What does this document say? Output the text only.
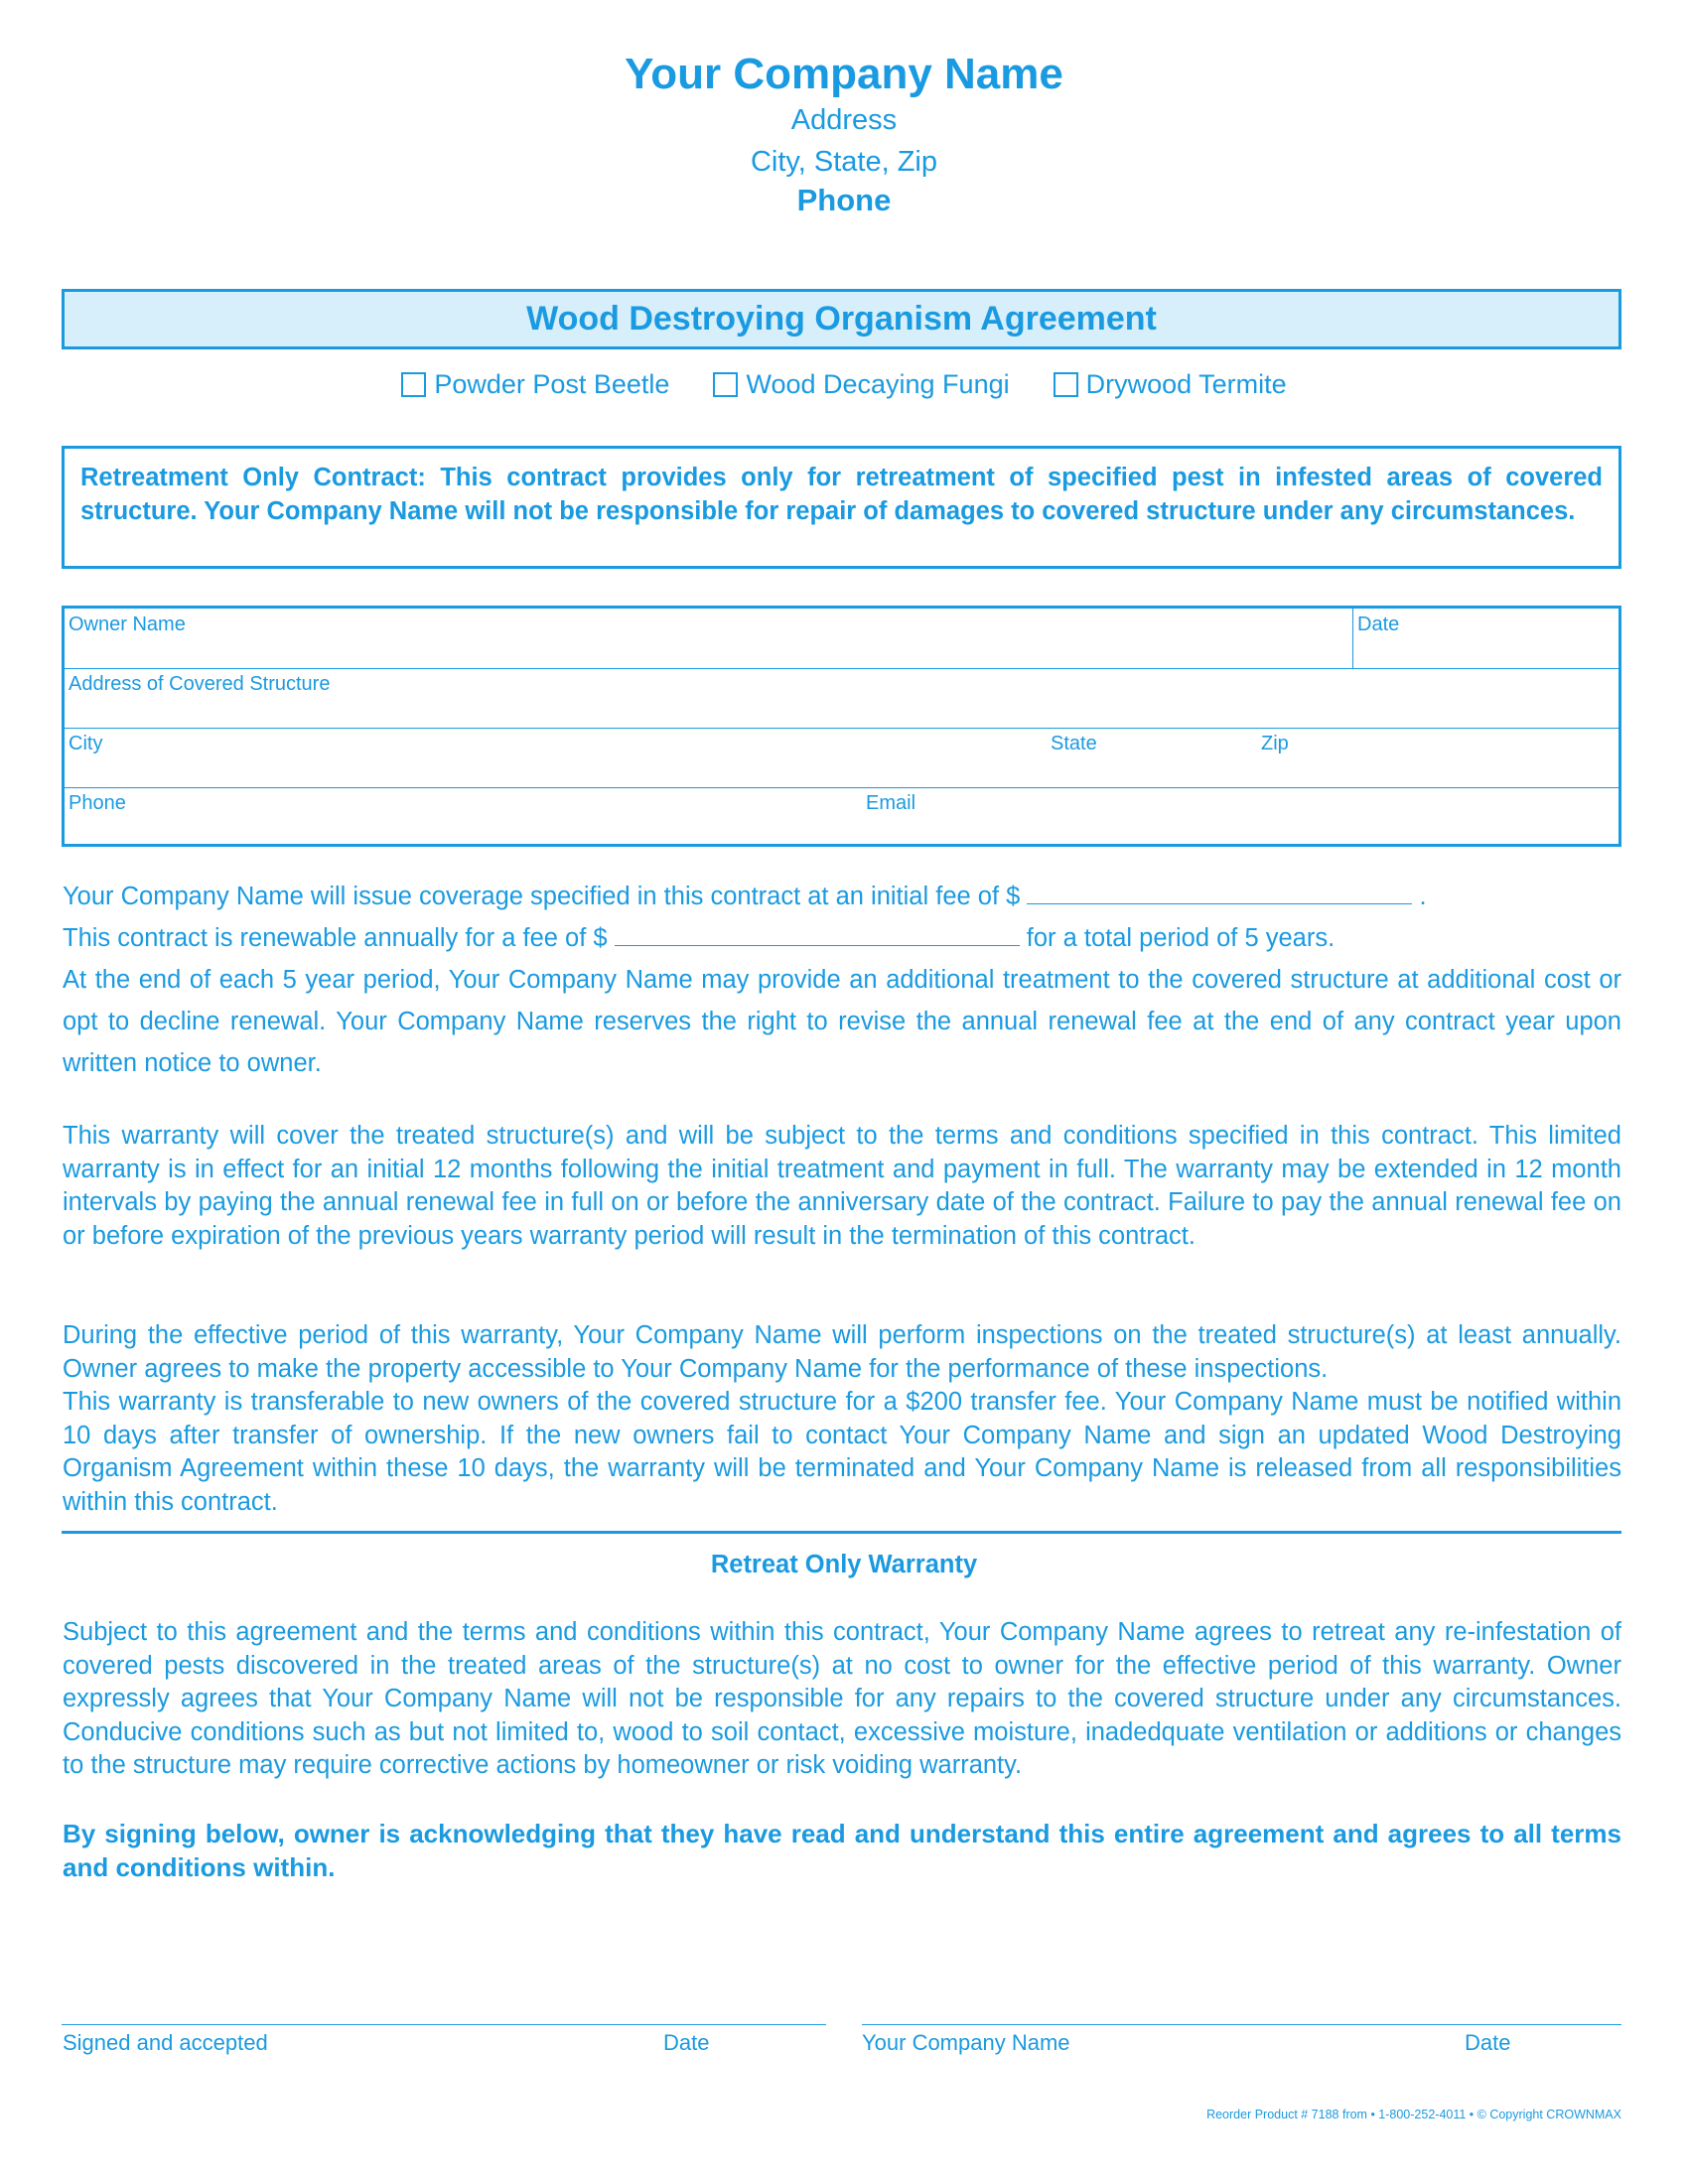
Your Company Name
Address
City, State, Zip
Phone
Wood Destroying Organism Agreement
Powder Post Beetle	Wood Decaying Fungi	Drywood Termite
Retreatment Only Contract: This contract provides only for retreatment of specified pest in infested areas of covered structure. Your Company Name will not be responsible for repair of damages to covered structure under any circumstances.
Owner Name	Date
Address of Covered Structure
City	State	Zip
Phone	Email
Your Company Name will issue coverage specified in this contract at an initial fee of $	.
This contract is renewable annually for a fee of $	for a total period of 5 years.
At the end of each 5 year period, Your Company Name may provide an additional treatment to the covered structure at additional cost or opt to decline renewal. Your Company Name reserves the right to revise the annual renewal fee at the end of any contract year upon written notice to owner.
This warranty will cover the treated structure(s) and will be subject to the terms and conditions specified in this contract. This limited warranty is in effect for an initial 12 months following the initial treatment and payment in full. The warranty may be extended in 12 month intervals by paying the annual renewal fee in full on or before the anniversary date of the contract. Failure to pay the annual renewal fee on or before expiration of the previous years warranty period will result in the termination of this contract.
During the effective period of this warranty, Your Company Name will perform inspections on the treated structure(s) at least annually. Owner agrees to make the property accessible to Your Company Name for the performance of these inspections.
This warranty is transferable to new owners of the covered structure for a $200 transfer fee. Your Company Name must be notified within 10 days after transfer of ownership. If the new owners fail to contact Your Company Name and sign an updated Wood Destroying Organism Agreement within these 10 days, the warranty will be terminated and Your Company Name is released from all responsibilities within this contract.
Retreat Only Warranty
Subject to this agreement and the terms and conditions within this contract, Your Company Name agrees to retreat any re-infestation of covered pests discovered in the treated areas of the structure(s) at no cost to owner for the effective period of this warranty. Owner expressly agrees that Your Company Name will not be responsible for any repairs to the covered structure under any circumstances. Conducive conditions such as but not limited to, wood to soil contact, excessive moisture, inadedquate ventilation or additions or changes to the structure may require corrective actions by homeowner or risk voiding warranty.
By signing below, owner is acknowledging that they have read and understand this entire agreement and agrees to all terms and conditions within.
Signed and accepted	Date	Your Company Name	Date
Reorder Product # 7188 from • 1-800-252-4011 • © Copyright CROWNMAX
